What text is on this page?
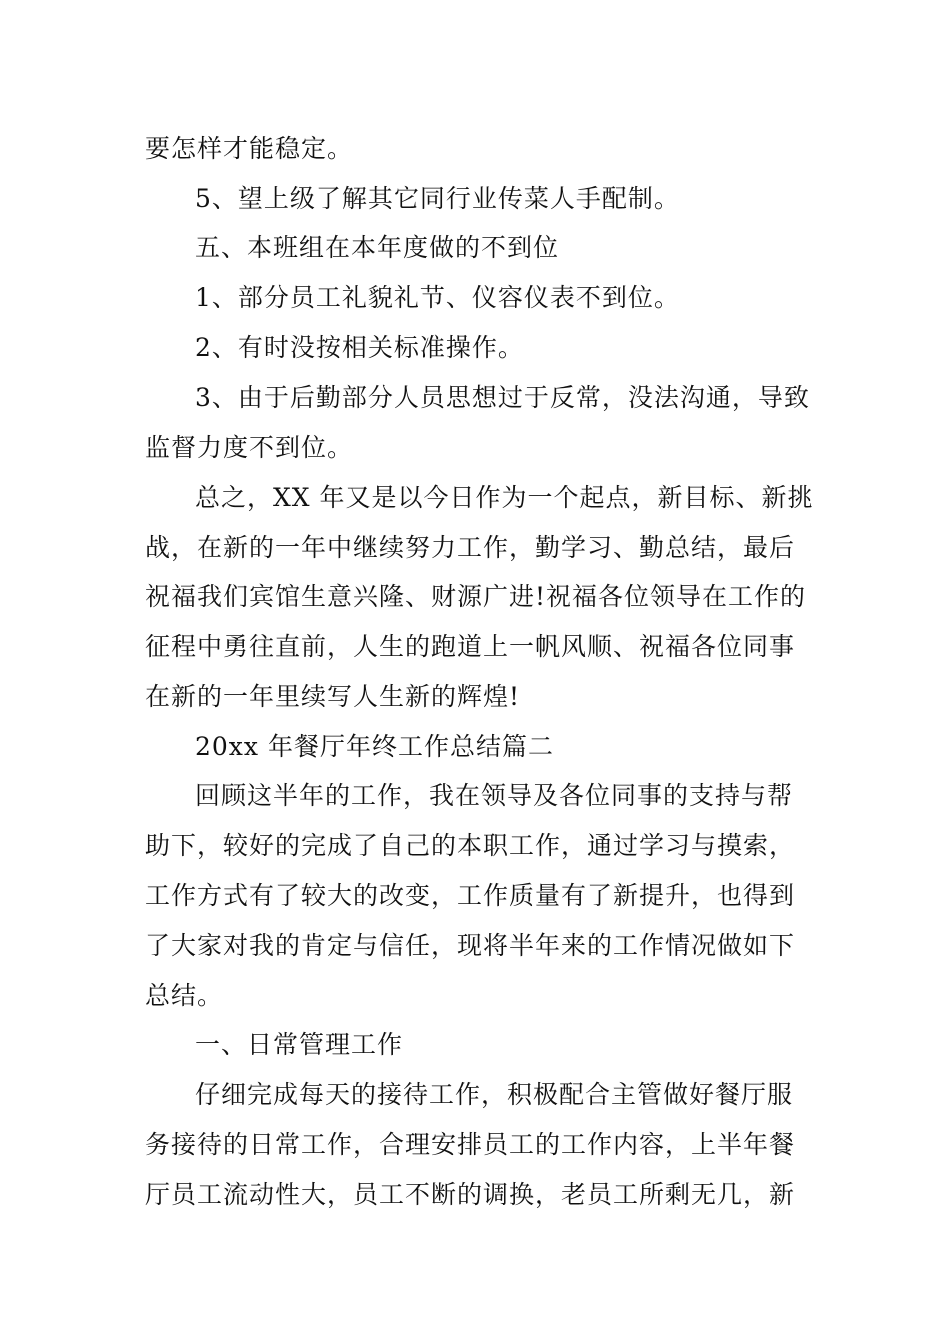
要怎样才能稳定。
5、望上级了解其它同行业传菜人手配制。
五、本班组在本年度做的不到位
1、部分员工礼貌礼节、仪容仪表不到位。
2、有时没按相关标准操作。
3、由于后勤部分人员思想过于反常，没法沟通，导致
监督力度不到位。
总之，XX 年又是以今日作为一个起点，新目标、新挑
战，在新的一年中继续努力工作，勤学习、勤总结，最后
祝福我们宾馆生意兴隆、财源广进!祝福各位领导在工作的
征程中勇往直前，人生的跑道上一帆风顺、祝福各位同事
在新的一年里续写人生新的辉煌!
20xx 年餐厅年终工作总结篇二
回顾这半年的工作，我在领导及各位同事的支持与帮
助下，较好的完成了自己的本职工作，通过学习与摸索，
工作方式有了较大的改变，工作质量有了新提升，也得到
了大家对我的肯定与信任，现将半年来的工作情况做如下
总结。
一、日常管理工作
仔细完成每天的接待工作，积极配合主管做好餐厅服
务接待的日常工作，合理安排员工的工作内容，上半年餐
厅员工流动性大，员工不断的调换，老员工所剩无几，新
